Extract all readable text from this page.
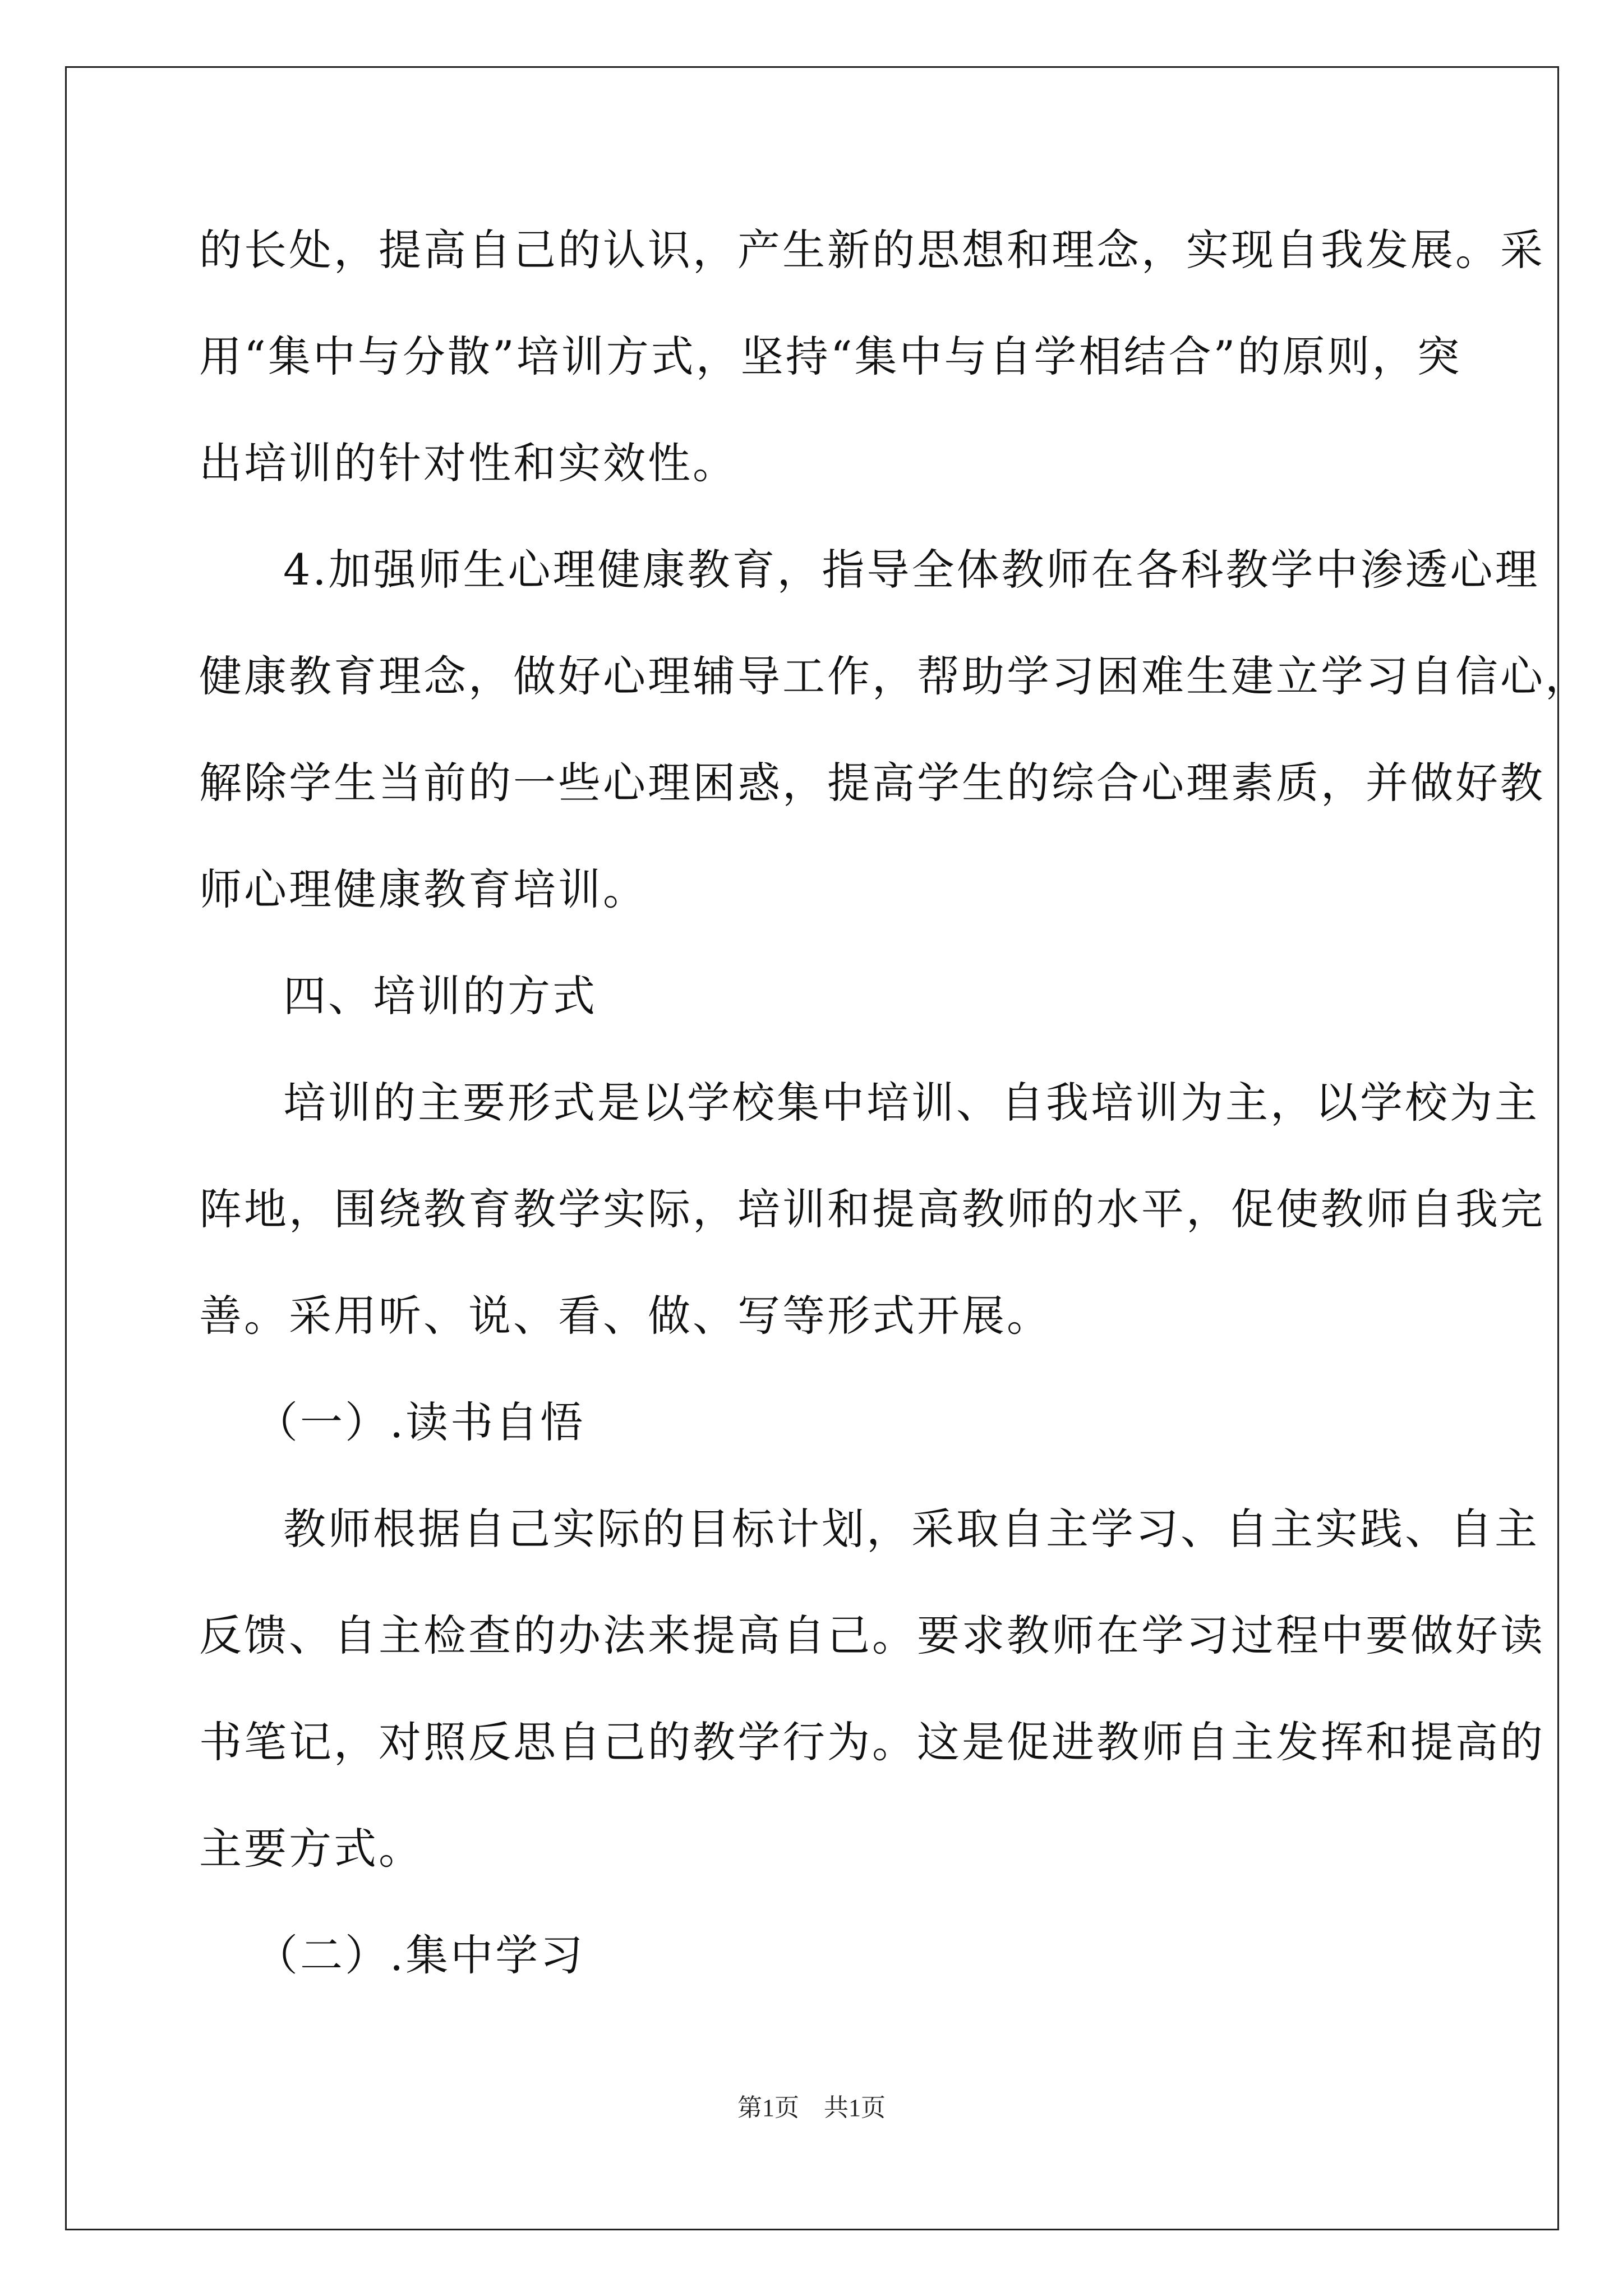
的长处，提高自己的认识，产生新的思想和理念，实现自我发展。采
用“集中与分散”培训方式，坚持“集中与自学相结合”的原则，突
出培训的针对性和实效性。
4.加强师生心理健康教育，指导全体教师在各科教学中渗透心理
健康教育理念，做好心理辅导工作，帮助学习困难生建立学习自信心，
解除学生当前的一些心理困惑，提高学生的综合心理素质，并做好教
师心理健康教育培训。
四、培训的方式
培训的主要形式是以学校集中培训、自我培训为主，以学校为主
阵地，围绕教育教学实际，培训和提高教师的水平，促使教师自我完
善。采用听、说、看、做、写等形式开展。
（一）.读书自悟
教师根据自己实际的目标计划，采取自主学习、自主实践、自主
反馈、自主检查的办法来提高自己。要求教师在学习过程中要做好读
书笔记，对照反思自己的教学行为。这是促进教师自主发挥和提高的
主要方式。
（二）.集中学习
第1页　共1页
